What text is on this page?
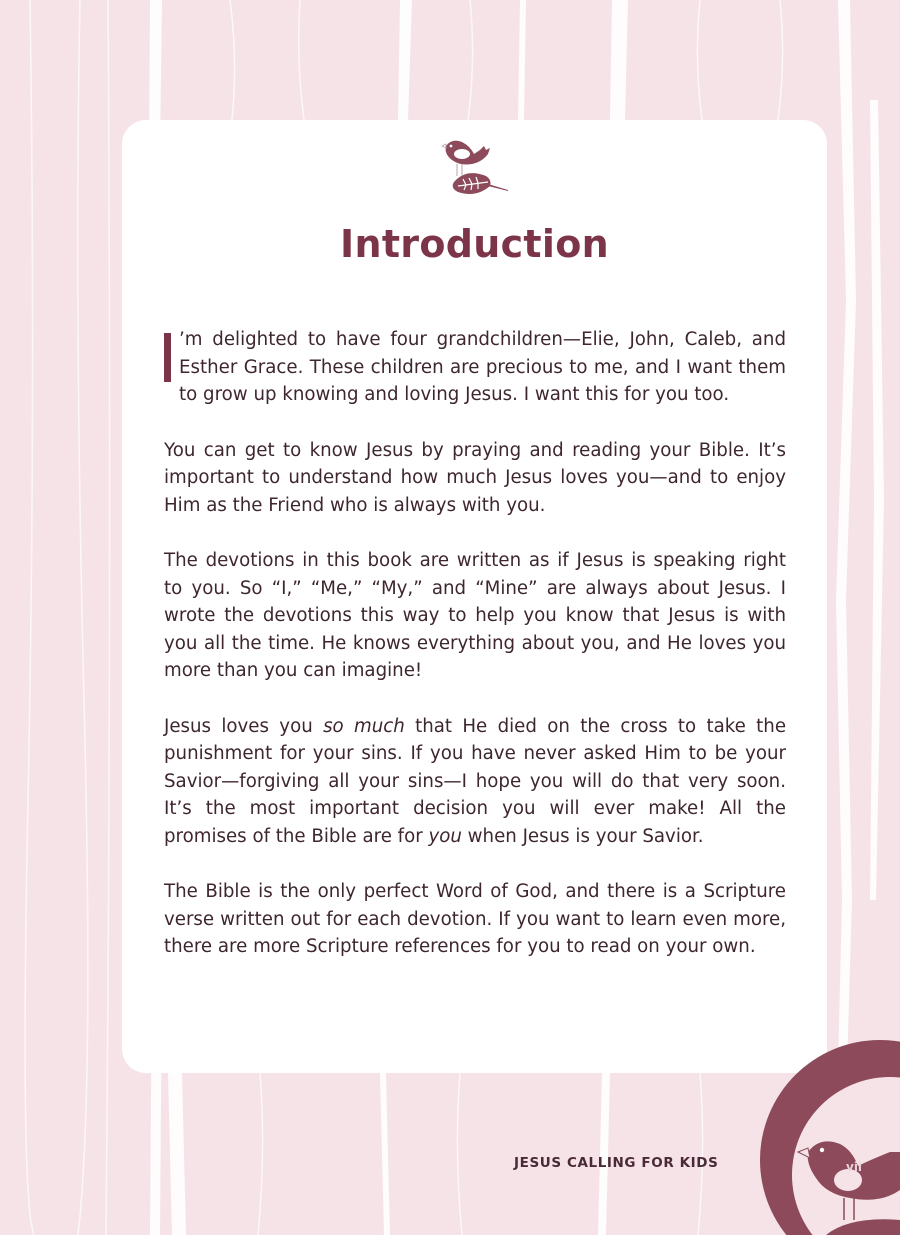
Introduction

’m delighted to have four grandchildren—Elie, John, Caleb, and Esther Grace. These children are precious to me, and I want them to grow up knowing and loving Jesus. I want this for you too.

You can get to know Jesus by praying and reading your Bible. It’s important to understand how much Jesus loves you—and to enjoy Him as the Friend who is always with you.

The devotions in this book are written as if Jesus is speaking right to you. So “I,” “Me,” “My,” and “Mine” are always about Jesus. I wrote the devotions this way to help you know that Jesus is with you all the time. He knows everything about you, and He loves you more than you can imagine!

Jesus loves you so much that He died on the cross to take the punishment for your sins. If you have never asked Him to be your Savior—forgiving all your sins—I hope you will do that very soon. It’s the most important decision you will ever make! All the promises of the Bible are for you when Jesus is your Savior.

The Bible is the only perfect Word of God, and there is a Scripture verse written out for each devotion. If you want to learn even more, there are more Scripture references for you to read on your own.

JESUS CALLING FOR KIDS	vii
